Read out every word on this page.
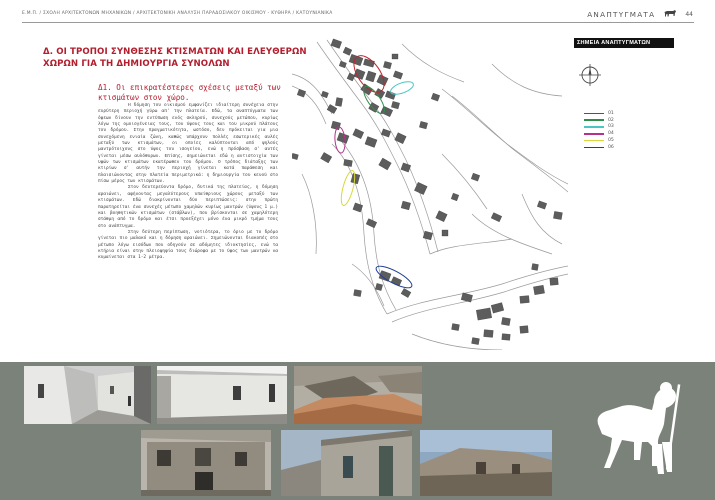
Ε.Μ.Π. / ΣΧΟΛΗ ΑΡΧΙΤΕΚΤΟΝΩΝ ΜΗΧΑΝΙΚΩΝ / ΑΡΧΙΤΕΚΤΟΝΙΚΗ ΑΝΑΛΥΣΗ ΠΑΡΑΔΟΣΙΑΚΟΥ ΟΙΚΙΣΜΟΥ - ΚΥΘΗΡΑ / ΚΑΤΟΥΝΙΑΝΙΚΑ	ΑΝΑΠΤΥΓΜΑΤΑ	44
Δ. ΟΙ ΤΡΟΠΟΙ ΣΥΝΘΕΣΗΣ ΚΤΙΣΜΑΤΩΝ ΚΑΙ ΕΛΕΥΘΕΡΩΝ ΧΩΡΩΝ ΓΙΑ ΤΗ ΔΗΜΙΟΥΡΓΙΑ ΣΥΝΟΛΩΝ
Δ1. Οι επικρατέστερες σχέσεις μεταξύ των κτισμάτων στον χώρο.

Η δόμηση του οικισμού εμφανίζει ιδιαίτερη συνέχεια στην ευρύτερη περιοχή γύρω απ' την πλατεία. Εδώ, τα αναπτύγματα των όψεων δίνουν την εντύπωση ενός σκληρού, συνεχούς μετώπου, κυρίως λόγω της ομοιογένειας τους, του ύψους τους και του μικρού πλάτους του δρόμου. Στην πραγματικότητα, ωστόσο, δεν πρόκειται για μια συνεχόμενη ενιαία ζώνη, καθώς υπάρχουν πολλές εσωτερικές αυλές μεταξύ των κτισμάτων, οι οποίες καλύπτονται από ψηλούς μαντρότοιχους στο ύψος του ισογείου, ενώ η πρόσβαση σ' αυτές γίνεται μέσω αυλόθυρων. Επίσης, σημειώνεται εδώ η αντιστοιχία των υψών των κτισμάτων εκατέρωθεν του δρόμου. Ο τρόπος διάταξης των κτιρίων σ' αυτήν την περιοχή γίνεται κατά παράθεση και πλαισιώνοντας στην πλατεία περιμετρικά: η δημιουργία του κενού στο πίσω μέρος των κτισμάτων.

Στον δευτερεύοντα δρόμο, δυτικά της πλατείας, η δόμηση αραιώνει, αφήνοντας μεγαλύτερους υπαίθριους χώρους μεταξύ των κτισμάτων. Εδώ διακρίνονται δύο περιπτώσεις: στην πρώτη παρατηρείται ένα συνεχές μέτωπο χαμηλών κυρίως μαντρών (ύψους 1 μ.) και βοηθητικών κτισμάτων (στάβλων), που βρίσκονται σε χαμηλότερη στάθμη από το δρόμο και έτσι προεξέχει μόνο ένα μικρό τμήμα τους στο ανάπτυγμα.

Στην δεύτερη περίπτωση, νοτιότερα, το όριο με το δρόμο γίνεται πιο μαλακό και η δόμηση αραιώνει. Σημειώνονται διακοπές στο μέτωπο λόγω εισόδων που οδηγούν σε αδόμητες ιδιοκτησίες, ενώ τα κτήρια είναι στην πλειοψηφία τους διώροφα με το ύψος των μαντρών να κυμαίνεται στα 1-2 μέτρα.

ΣΗΜΕΙΑ ΑΝΑΠΤΥΓΜΑΤΩΝ
01
02
03
04
05
06
